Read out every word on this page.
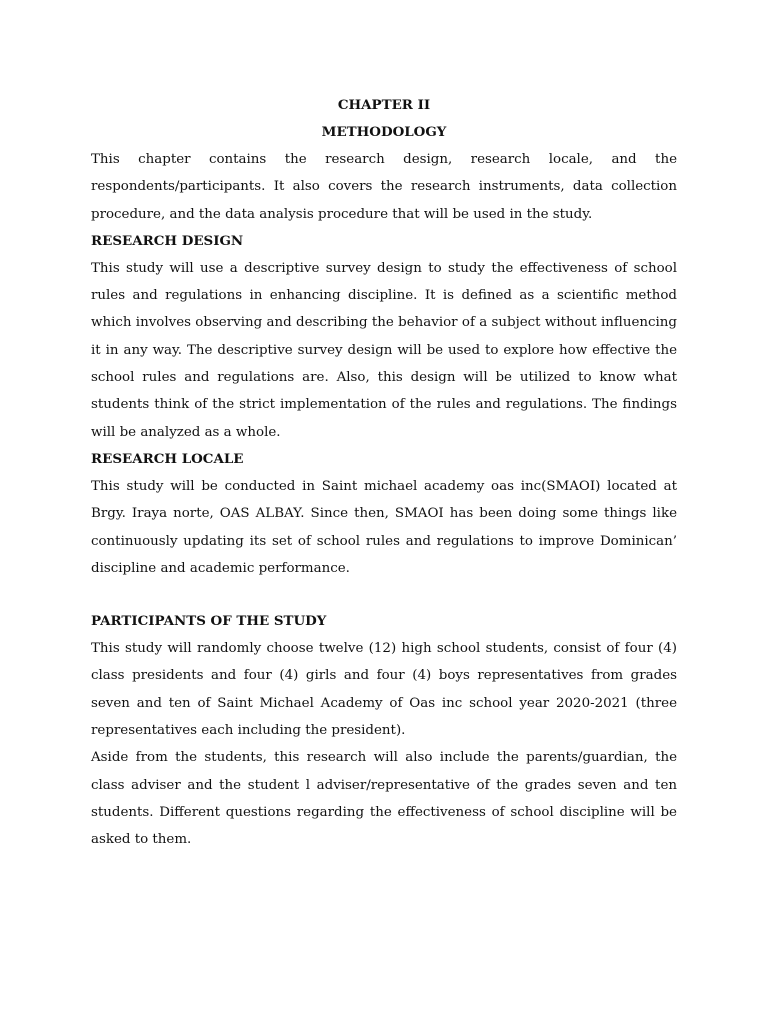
CHAPTER II

METHODOLOGY

This chapter contains the research design, research locale, and the respondents/participants. It also covers the research instruments, data collection procedure, and the data analysis procedure that will be used in the study.

RESEARCH DESIGN

This study will use a descriptive survey design to study the effectiveness of school rules and regulations in enhancing discipline. It is defined as a scientific method which involves observing and describing the behavior of a subject without influencing it in any way. The descriptive survey design will be used to explore how effective the school rules and regulations are. Also, this design will be utilized to know what students think of the strict implementation of the rules and regulations. The findings will be analyzed as a whole.

RESEARCH LOCALE

This study will be conducted in Saint michael academy oas inc(SMAOI) located at Brgy. Iraya norte, OAS ALBAY. Since then, SMAOI has been doing some things like continuously updating its set of school rules and regulations to improve Dominican’ discipline and academic performance.

PARTICIPANTS OF THE STUDY

This study will randomly choose twelve (12) high school students, consist of four (4) class presidents and four (4) girls and four (4) boys representatives from grades seven and ten of Saint Michael Academy of Oas inc school year 2020-2021 (three representatives each including the president).

Aside from the students, this research will also include the parents/guardian, the class adviser and the student l adviser/representative of the grades seven and ten students. Different questions regarding the effectiveness of school discipline will be asked to them.
